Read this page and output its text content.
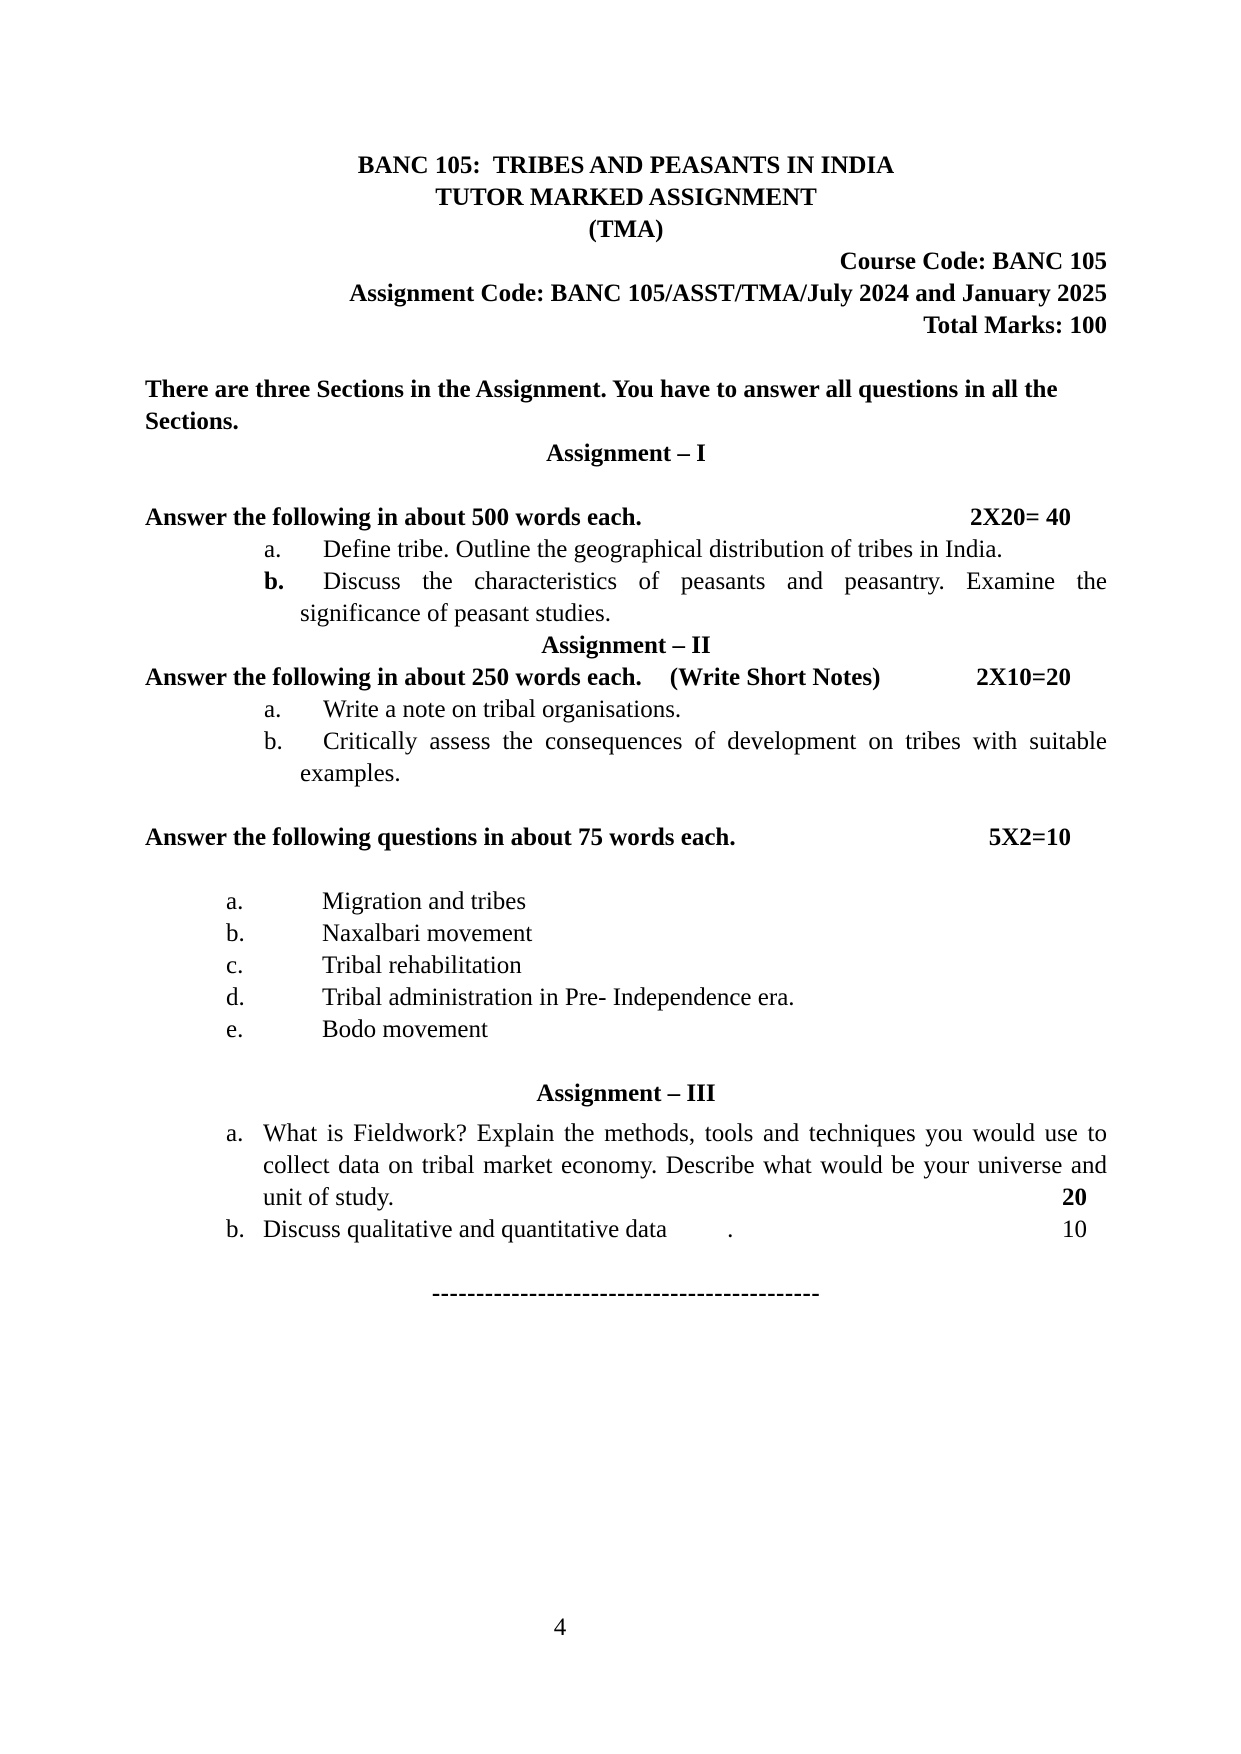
BANC 105:  TRIBES AND PEASANTS IN INDIA
TUTOR MARKED ASSIGNMENT
(TMA)
Course Code: BANC 105
Assignment Code: BANC 105/ASST/TMA/July 2024 and January 2025
Total Marks: 100

There are three Sections in the Assignment. You have to answer all questions in all the Sections.

Assignment – I
Answer the following in about 500 words each.	2X20= 40
a. Define tribe. Outline the geographical distribution of tribes in India.
b. Discuss the characteristics of peasants and peasantry. Examine the significance of peasant studies.
Assignment – II
Answer the following in about 250 words each. (Write Short Notes)	2X10=20
a. Write a note on tribal organisations.
b. Critically assess the consequences of development on tribes with suitable examples.
Answer the following questions in about 75 words each.	5X2=10
a.	Migration and tribes
b.	Naxalbari movement
c.	Tribal rehabilitation
d.	Tribal administration in Pre- Independence era.
e.	Bodo movement
Assignment – III
a. What is Fieldwork? Explain the methods, tools and techniques you would use to collect data on tribal market economy. Describe what would be your universe and unit of study.	20
b. Discuss qualitative and quantitative data .	10
--------------------------------------------
4
